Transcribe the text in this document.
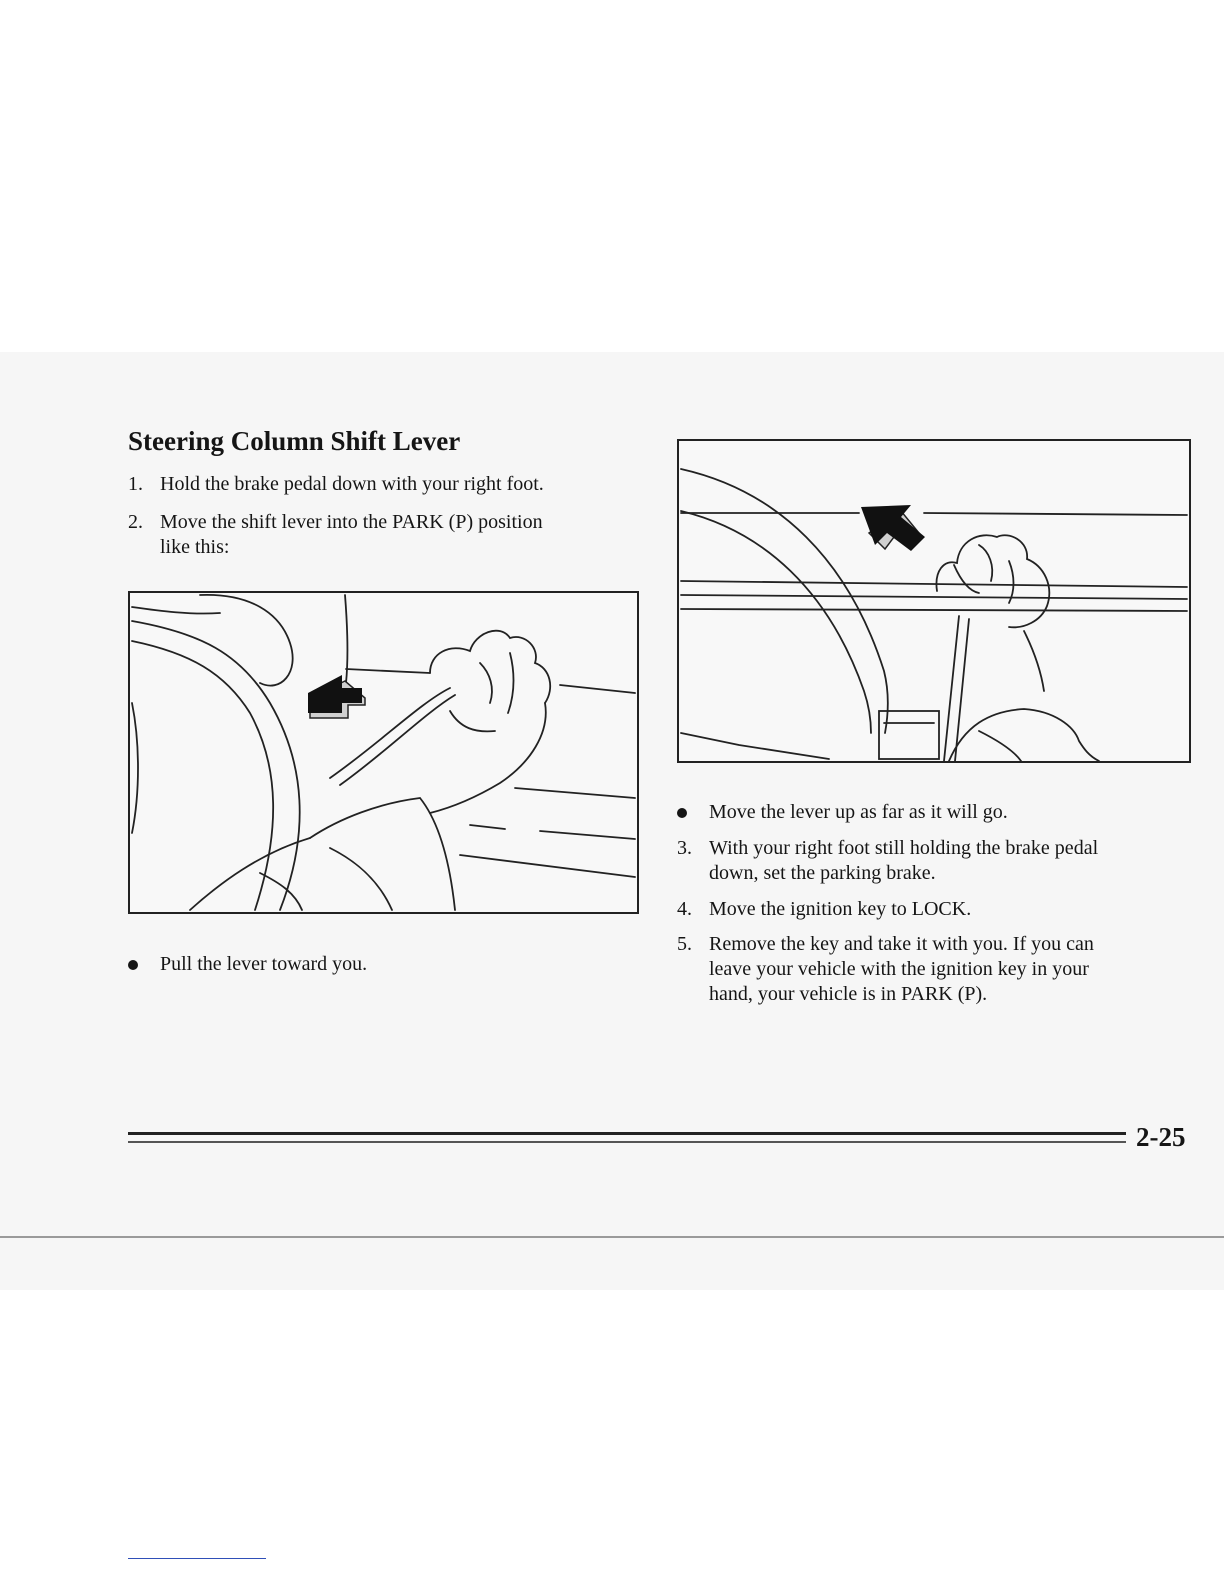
Steering Column Shift Lever
1. Hold the brake pedal down with your right foot.
2. Move the shift lever into the PARK (P) position
like this:
Pull the lever toward you.
Move the lever up as far as it will go.
3. With your right foot still holding the brake pedal
down, set the parking brake.
4. Move the ignition key to LOCK.
5. Remove the key and take it with you. If you can
leave your vehicle with the ignition key in your
hand, your vehicle is in PARK (P).
2-25
